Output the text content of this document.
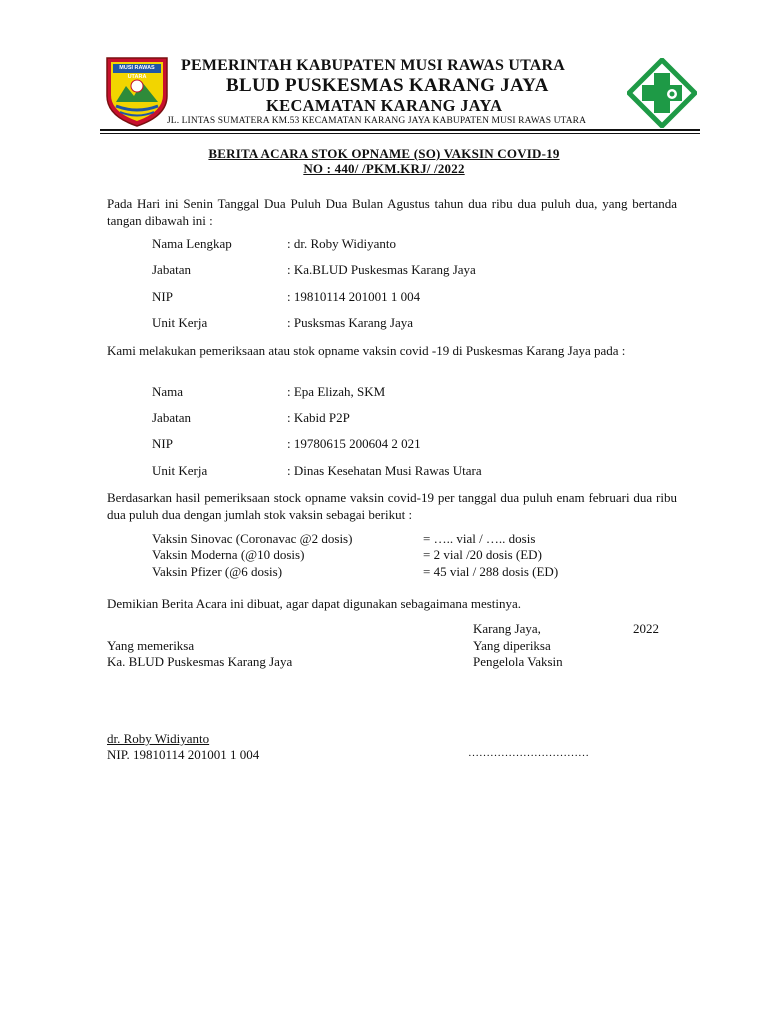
MUSI RAWAS UTARA
PEMERINTAH KABUPATEN MUSI RAWAS UTARA
BLUD PUSKESMAS KARANG JAYA
KECAMATAN KARANG JAYA
JL. LINTAS SUMATERA KM.53 KECAMATAN KARANG JAYA KABUPATEN MUSI RAWAS UTARA
BERITA ACARA STOK OPNAME (SO) VAKSIN COVID-19
NO : 440/ /PKM.KRJ/ /2022
Pada Hari ini Senin Tanggal Dua Puluh Dua Bulan Agustus tahun dua ribu dua puluh dua, yang bertanda tangan dibawah ini :
Nama Lengkap	: dr. Roby Widiyanto
Jabatan	: Ka.BLUD Puskesmas Karang Jaya
NIP	: 19810114 201001 1 004
Unit Kerja	: Pusksmas Karang Jaya
Kami melakukan pemeriksaan atau stok opname vaksin covid -19 di Puskesmas Karang Jaya pada :
Nama	: Epa Elizah, SKM
Jabatan	: Kabid P2P
NIP	: 19780615 200604 2 021
Unit Kerja	: Dinas Kesehatan Musi Rawas Utara
Berdasarkan hasil pemeriksaan stock opname vaksin covid-19 per tanggal dua puluh enam februari dua ribu dua puluh dua dengan jumlah stok vaksin sebagai berikut :
Vaksin Sinovac (Coronavac @2 dosis)	= ….. vial / ….. dosis
Vaksin Moderna (@10 dosis)	= 2 vial /20 dosis (ED)
Vaksin Pfizer (@6 dosis)	= 45 vial / 288 dosis (ED)
Demikian Berita Acara ini dibuat, agar dapat digunakan sebagaimana mestinya.
Karang Jaya,	2022
Yang memeriksa	Yang diperiksa
Ka. BLUD Puskesmas Karang Jaya	Pengelola Vaksin
dr. Roby Widiyanto
NIP. 19810114 201001 1 004	……………………………
